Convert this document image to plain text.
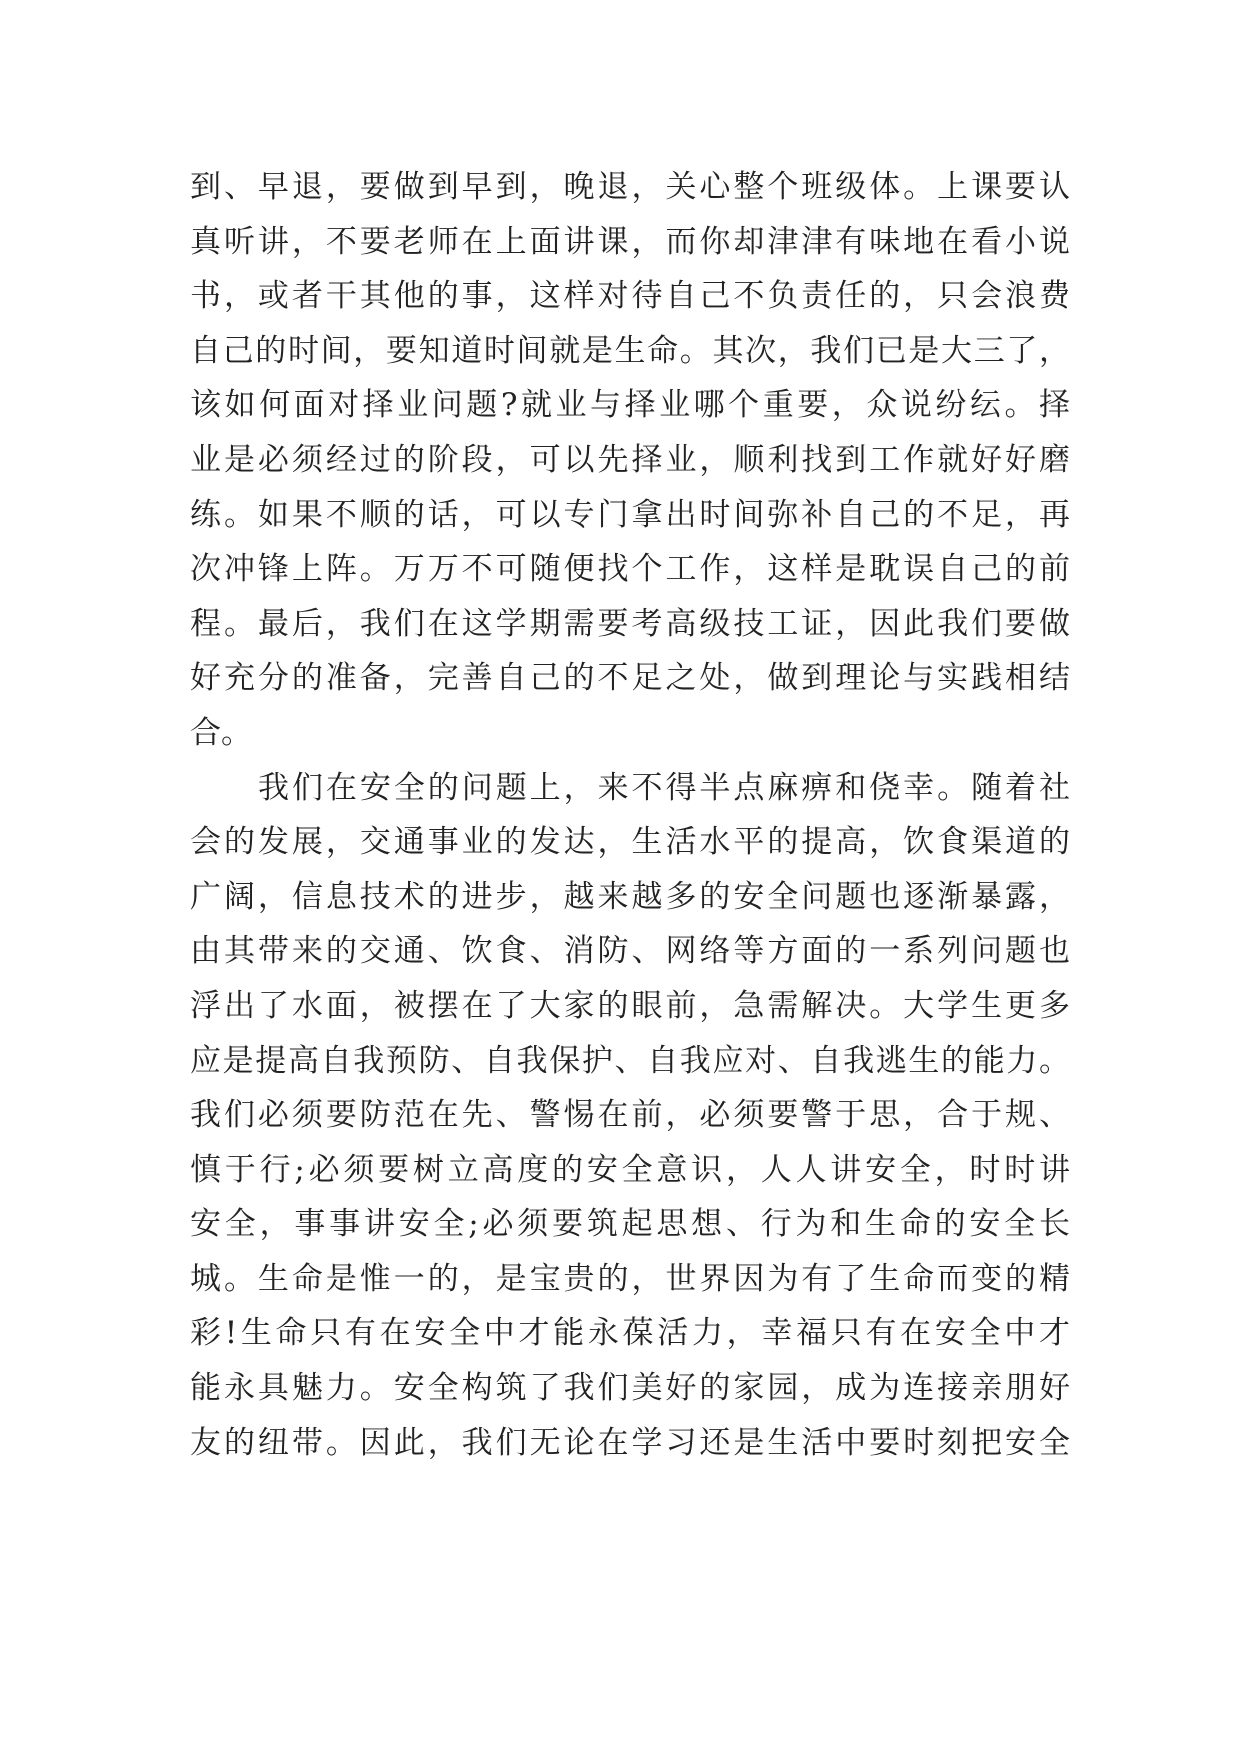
到、早退，要做到早到，晚退，关心整个班级体。上课要认
真听讲，不要老师在上面讲课，而你却津津有味地在看小说
书，或者干其他的事，这样对待自己不负责任的，只会浪费
自己的时间，要知道时间就是生命。其次，我们已是大三了，
该如何面对择业问题?就业与择业哪个重要，众说纷纭。择
业是必须经过的阶段，可以先择业，顺利找到工作就好好磨
练。如果不顺的话，可以专门拿出时间弥补自己的不足，再
次冲锋上阵。万万不可随便找个工作，这样是耽误自己的前
程。最后，我们在这学期需要考高级技工证，因此我们要做
好充分的准备，完善自己的不足之处，做到理论与实践相结
合。
我们在安全的问题上，来不得半点麻痹和侥幸。随着社
会的发展，交通事业的发达，生活水平的提高，饮食渠道的
广阔，信息技术的进步，越来越多的安全问题也逐渐暴露，
由其带来的交通、饮食、消防、网络等方面的一系列问题也
浮出了水面，被摆在了大家的眼前，急需解决。大学生更多
应是提高自我预防、自我保护、自我应对、自我逃生的能力。
我们必须要防范在先、警惕在前，必须要警于思，合于规、
慎于行;必须要树立高度的安全意识，人人讲安全，时时讲
安全，事事讲安全;必须要筑起思想、行为和生命的安全长
城。生命是惟一的，是宝贵的，世界因为有了生命而变的精
彩!生命只有在安全中才能永葆活力，幸福只有在安全中才
能永具魅力。安全构筑了我们美好的家园，成为连接亲朋好
友的纽带。因此，我们无论在学习还是生活中要时刻把安全
